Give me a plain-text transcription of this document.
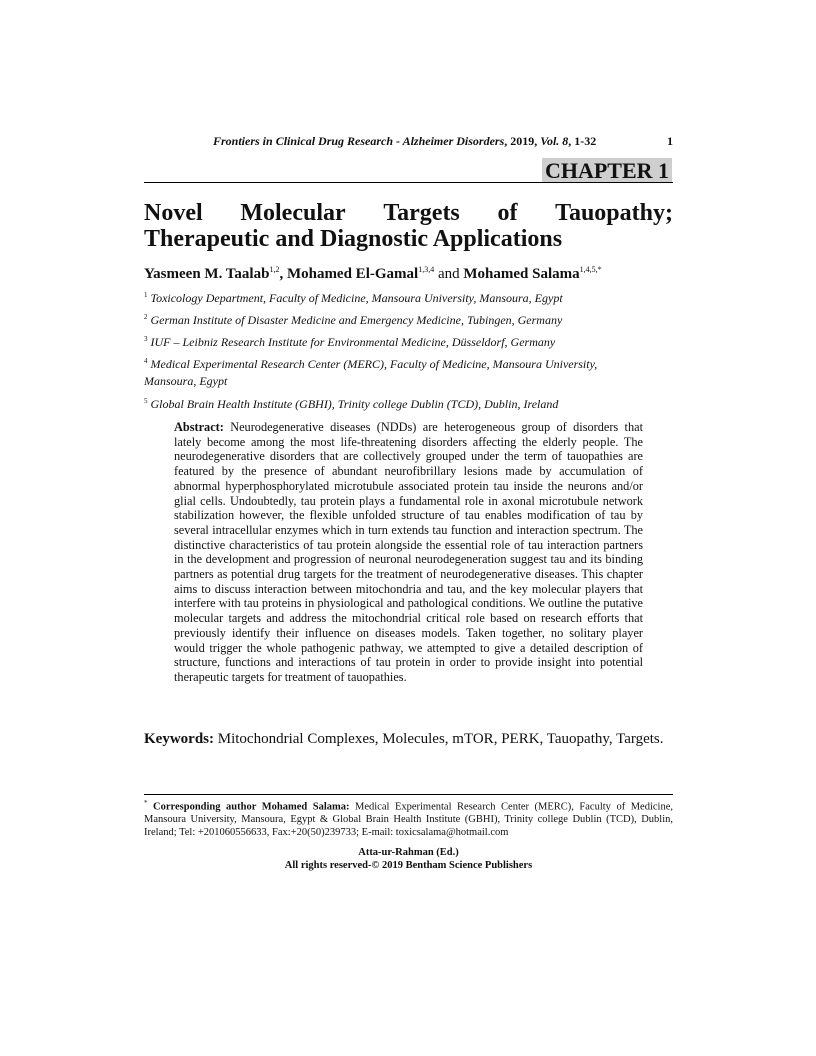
Frontiers in Clinical Drug Research - Alzheimer Disorders, 2019, Vol. 8, 1-32	1
CHAPTER 1
Novel Molecular Targets of Tauopathy;
Therapeutic and Diagnostic Applications
Yasmeen M. Taalab$^{1,2}$, Mohamed El-Gamal$^{1,3,4}$ and Mohamed Salama$^{1,4,5,*}$
$^1$ Toxicology Department, Faculty of Medicine, Mansoura University, Mansoura, Egypt
$^2$ German Institute of Disaster Medicine and Emergency Medicine, Tubingen, Germany
$^3$ IUF – Leibniz Research Institute for Environmental Medicine, Düsseldorf, Germany
$^4$ Medical Experimental Research Center (MERC), Faculty of Medicine, Mansoura University,
Mansoura, Egypt
$^5$ Global Brain Health Institute (GBHI), Trinity college Dublin (TCD), Dublin, Ireland
Abstract: Neurodegenerative diseases (NDDs) are heterogeneous group of disorders that lately become among the most life-threatening disorders affecting the elderly people. The neurodegenerative disorders that are collectively grouped under the term of tauopathies are featured by the presence of abundant neurofibrillary lesions made by accumulation of abnormal hyperphosphorylated microtubule associated protein tau inside the neurons and/or glial cells. Undoubtedly, tau protein plays a fundamental role in axonal microtubule network stabilization however, the flexible unfolded structure of tau enables modification of tau by several intracellular enzymes which in turn extends tau function and interaction spectrum. The distinctive characteristics of tau protein alongside the essential role of tau interaction partners in the development and progression of neuronal neurodegeneration suggest tau and its binding partners as potential drug targets for the treatment of neurodegenerative diseases. This chapter aims to discuss interaction between mitochondria and tau, and the key molecular players that interfere with tau proteins in physiological and pathological conditions. We outline the putative molecular targets and address the mitochondrial critical role based on research efforts that previously identify their influence on diseases models. Taken together, no solitary player would trigger the whole pathogenic pathway, we attempted to give a detailed description of structure, functions and interactions of tau protein in order to provide insight into potential therapeutic targets for treatment of tauopathies.
Keywords: Mitochondrial Complexes, Molecules, mTOR, PERK, Tauopathy, Targets.
* Corresponding author Mohamed Salama: Medical Experimental Research Center (MERC), Faculty of Medicine, Mansoura University, Mansoura, Egypt & Global Brain Health Institute (GBHI), Trinity college Dublin (TCD), Dublin, Ireland; Tel: +201060556633, Fax:+20(50)239733; E-mail: toxicsalama@hotmail.com
Atta-ur-Rahman (Ed.)
All rights reserved-© 2019 Bentham Science Publishers
